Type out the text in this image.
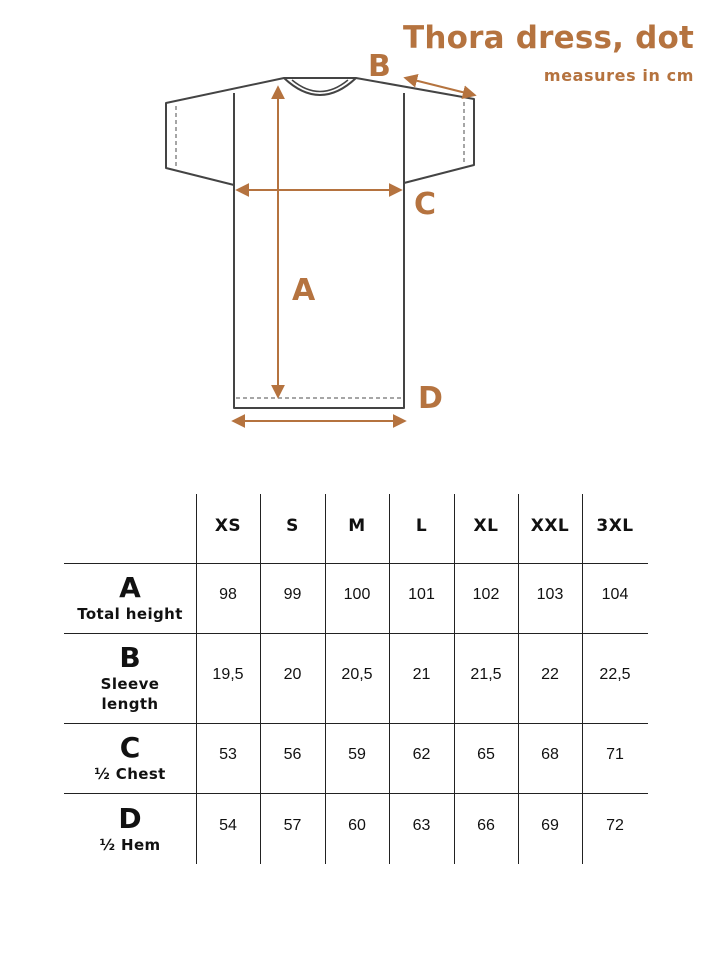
Thora dress, dot
measures in cm
B
C
A
D
XS	S	M	L	XL	XXL	3XL
A
Total height
98	99	100	101	102	103	104
B
Sleeve length
19,5	20	20,5	21	21,5	22	22,5
C
½ Chest
53	56	59	62	65	68	71
D
½ Hem
54	57	60	63	66	69	72
